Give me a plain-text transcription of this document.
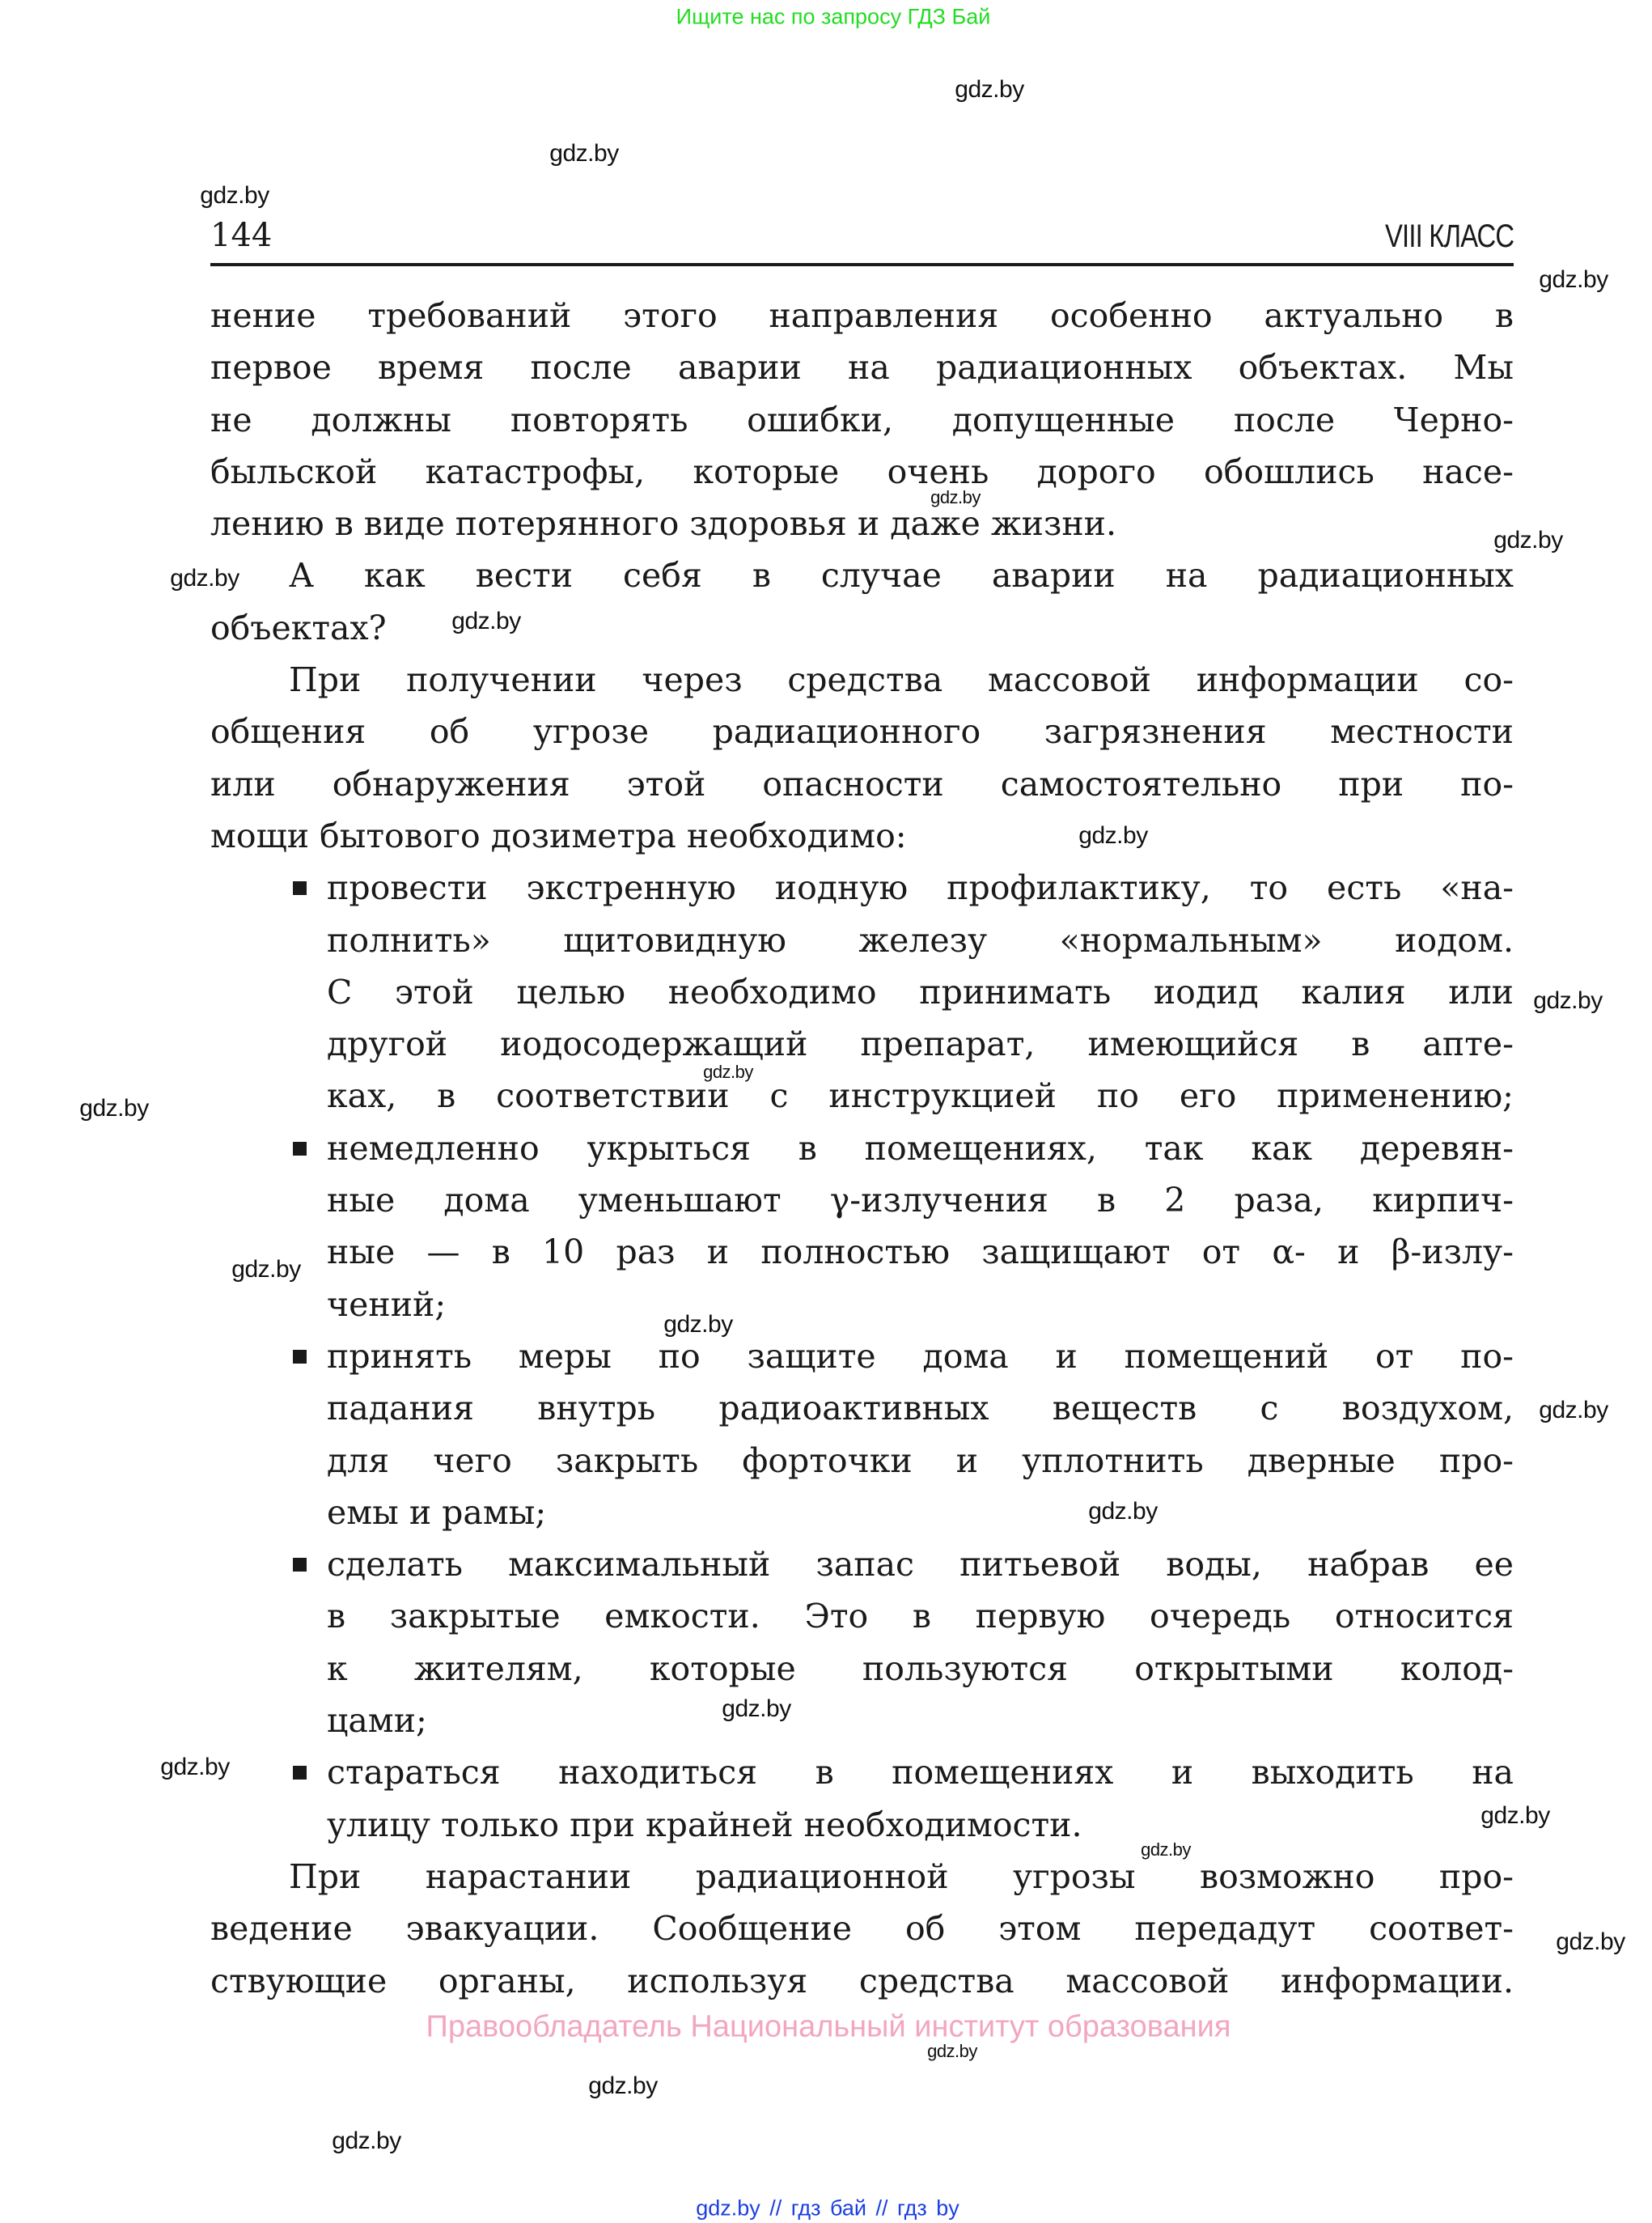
Ищите нас по запросу ГДЗ Бай
144	VIII КЛАСС
нение требований этого направления особенно актуально в
первое время после аварии на радиационных объектах. Мы
не должны повторять ошибки, допущенные после Черно-
быльской катастрофы, которые очень дорого обошлись насе-
лению в виде потерянного здоровья и даже жизни.
А как вести себя в случае аварии на радиационных
объектах?
При получении через средства массовой информации со-
общения об угрозе радиационного загрязнения местности
или обнаружения этой опасности самостоятельно при по-
мощи бытового дозиметра необходимо:
провести экстренную иодную профилактику, то есть «на-
полнить» щитовидную железу «нормальным» иодом.
С этой целью необходимо принимать иодид калия или
другой иодосодержащий препарат, имеющийся в апте-
ках, в соответствии с инструкцией по его применению;
немедленно укрыться в помещениях, так как деревян-
ные дома уменьшают γ-излучения в 2 раза, кирпич-
ные — в 10 раз и полностью защищают от α- и β-излу-
чений;
принять меры по защите дома и помещений от по-
падания внутрь радиоактивных веществ с воздухом,
для чего закрыть форточки и уплотнить дверные про-
емы и рамы;
сделать максимальный запас питьевой воды, набрав ее
в закрытые емкости. Это в первую очередь относится
к жителям, которые пользуются открытыми колод-
цами;
стараться находиться в помещениях и выходить на
улицу только при крайней необходимости.
При нарастании радиационной угрозы возможно про-
ведение эвакуации. Сообщение об этом передадут соответ-
ствующие органы, используя средства массовой информации.
Правообладатель Национальный институт образования
gdz.by // гдз бай // гдз by
gdz.by
gdz.by
gdz.by
gdz.by
gdz.by
gdz.by
gdz.by
gdz.by
gdz.by
gdz.by
gdz.by
gdz.by
gdz.by
gdz.by
gdz.by
gdz.by
gdz.by
gdz.by
gdz.by
gdz.by
gdz.by
gdz.by
gdz.by
gdz.by
